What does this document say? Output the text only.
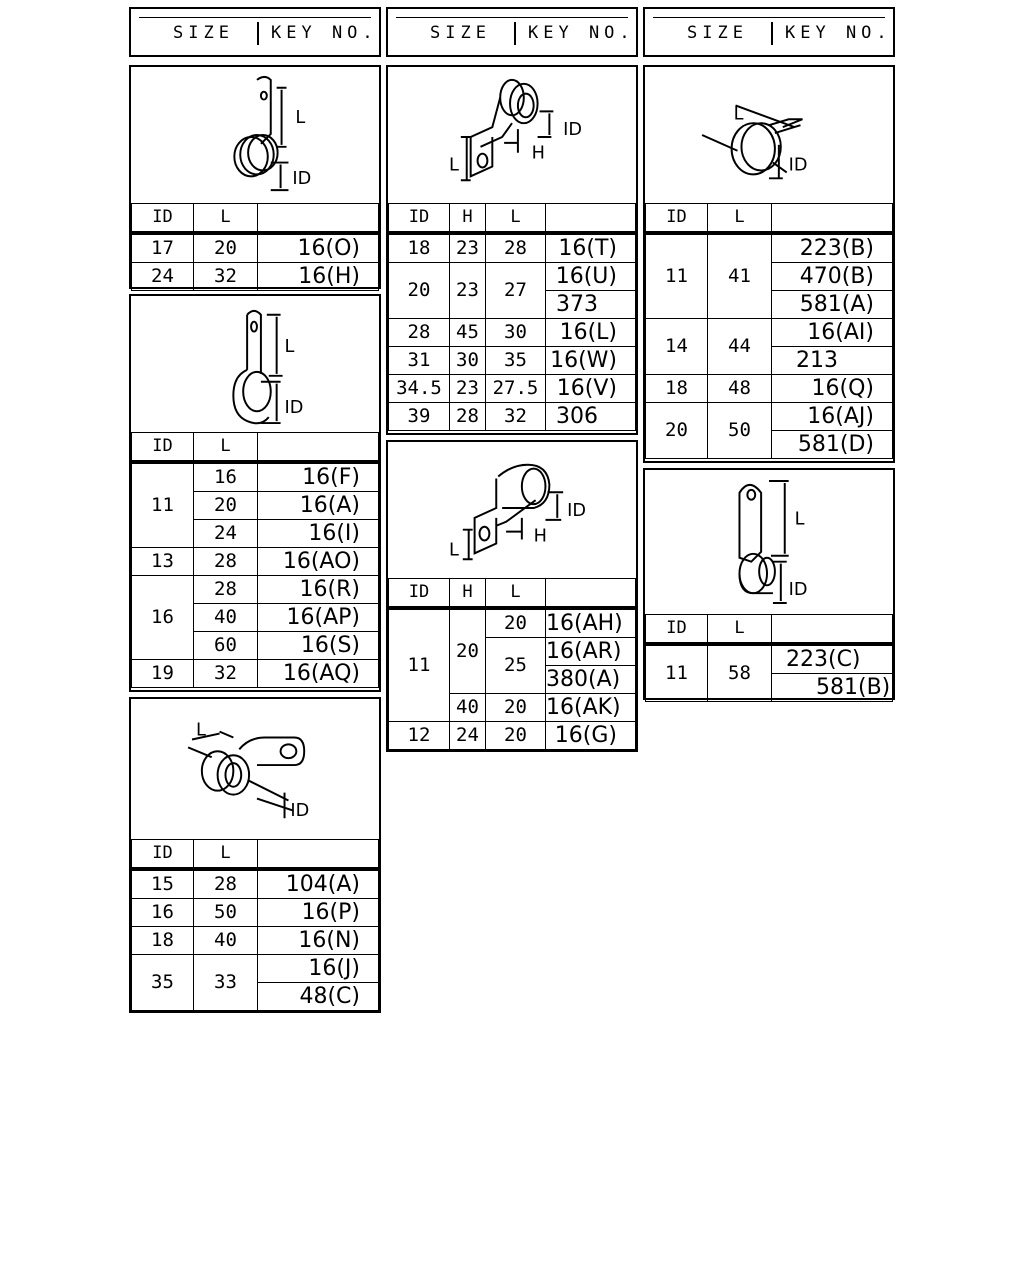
SIZE KEY NO.	SIZE KEY NO.	SIZE KEY NO.
L
ID
ID	L	
17	20	16(O)
24	32	16(H)
L
ID
ID	L	
11	16	16(F)
	20	16(A)
	24	16(I)
13	28	16(AO)
16	28	16(R)
	40	16(AP)
	60	16(S)
19	32	16(AQ)
L
ID
ID	L	
15	28	104(A)
16	50	16(P)
18	40	16(N)
35	33	16(J)
		48(C)
ID
H
L
ID	H	L	
18	23	28	16(T)
20	23	27	16(U)
			373
28	45	30	16(L)
31	30	35	16(W)
34.5	23	27.5	16(V)
39	28	32	306
ID
H
L
ID	H	L	
11	20	20	16(AH)
		25	16(AR)
			380(A)
	40	20	16(AK)
12	24	20	16(G)
L
ID
ID	L	
11	41	223(B)
		470(B)
		581(A)
14	44	16(AI)
		213
18	48	16(Q)
20	50	16(AJ)
		581(D)
L
ID
ID	L	
11	58	223(C)
		581(B)
